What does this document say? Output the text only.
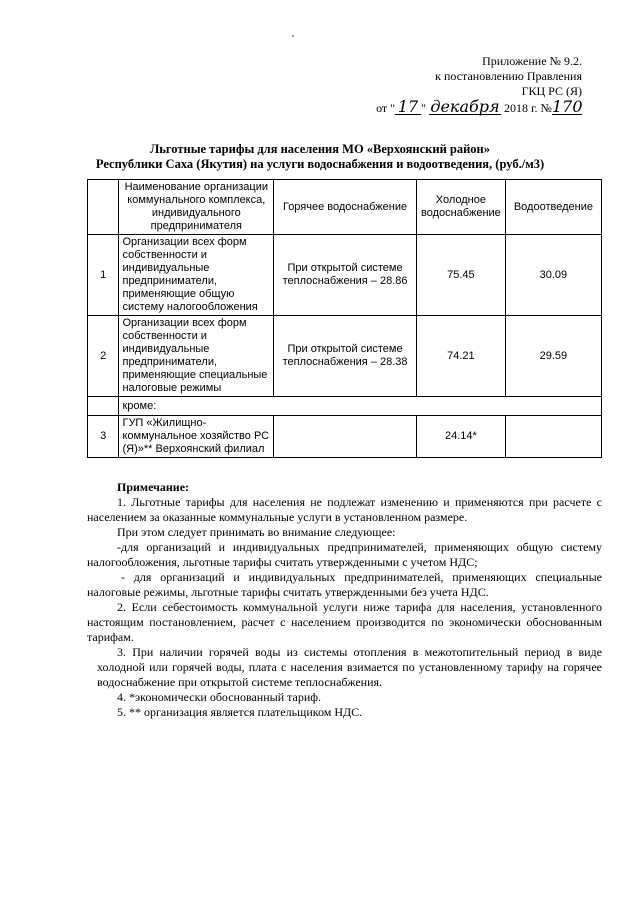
Приложение № 9.2.
к постановлению Правления
ГКЦ РС (Я)
от " 17 " декабря 2018 г. №170
Льготные тарифы для населения МО «Верхоянский район»
Республики Саха (Якутия) на услуги водоснабжения и водоотведения, (руб./м3)
	Наименование организации коммунального комплекса, индивидуального предпринимателя	Горячее водоснабжение	Холодное водоснабжение	Водоотведение
1	Организации всех форм собственности и индивидуальные предприниматели, применяющие общую систему налогообложения	При открытой системе теплоснабжения – 28.86	75.45	30.09
2	Организации всех форм собственности и индивидуальные предприниматели, применяющие специальные налоговые режимы	При открытой системе теплоснабжения – 28.38	74.21	29.59
	кроме:			
3	ГУП «Жилищно-коммунальное хозяйство РС (Я)»** Верхоянский филиал		24.14*	

Примечание:

1. Льготные тарифы для населения не подлежат изменению и применяются при расчете с населением за оказанные коммунальные услуги в установленном размере.

При этом следует принимать во внимание следующее:

-для организаций и индивидуальных предпринимателей, применяющих общую систему налогообложения, льготные тарифы считать утвержденными с учетом НДС;

- для организаций и индивидуальных предпринимателей, применяющих специальные налоговые режимы, льготные тарифы считать утвержденными без учета НДС.

2. Если себестоимость коммунальной услуги ниже тарифа для населения, установленного настоящим постановлением, расчет с населением производится по экономически обоснованным тарифам.

3. При наличии горячей воды из системы отопления в межотопительный период в виде холодной или горячей воды, плата с населения взимается по установленному тарифу на горячее водоснабжение при открытой системе теплоснабжения.

4. *экономически обоснованный тариф.

5. ** организация является плательщиком НДС.
